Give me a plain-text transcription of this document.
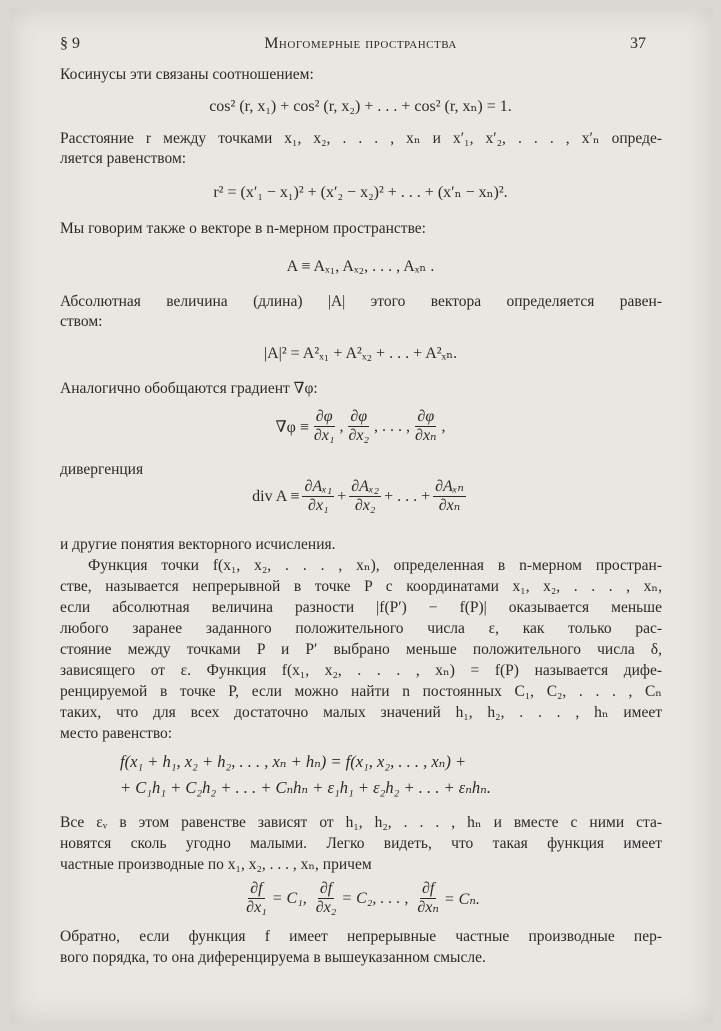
§ 9	Многомерные пространства	37
Косинусы эти связаны соотношением:
cos² (r, x₁) + cos² (r, x₂) + . . . + cos² (r, xₙ) = 1.
Расстояние r между точками x₁, x₂, . . . , xₙ и x′₁, x′₂, . . . , x′ₙ опреде-
ляется равенством:
r² = (x′₁ − x₁)² + (x′₂ − x₂)² + . . . + (x′ₙ − xₙ)².
Мы говорим также о векторе в n-мерном пространстве:
A ≡ Aₓ₁, Aₓ₂, . . . , Aₓₙ .
Абсолютная величина (длина) |A| этого вектора определяется равен-
ством:
|A|² = A²ₓ₁ + A²ₓ₂ + . . . + A²ₓₙ.
Аналогично обобщаются градиент ∇φ:
$\nabla\varphi \equiv \frac{\partial\varphi}{\text{∂x₁}}$ , $\frac{\partial\varphi}{\text{∂x₂}}$ , . . . , $\frac{\partial\varphi}{\text{∂xₙ}}$ ,
дивергенция
div $A \equiv \frac{\text{∂Aₓ₁}}{\text{∂x₁}} + \frac{\text{∂Aₓ₂}}{\text{∂x₂}}$ + . . . + $\frac{\text{∂Aₓₙ}}{\text{∂xₙ}}$
и другие понятия векторного исчисления.
Функция точки f(x₁, x₂, . . . , xₙ), определенная в n-мерном простран-
стве, называется непрерывной в точке P с координатами x₁, x₂, . . . , xₙ,
если абсолютная величина разности |f(P′) − f(P)| оказывается меньше
любого заранее заданного положительного числа ε, как только рас-
стояние между точками P и P′ выбрано меньше положительного числа δ,
зависящего от ε. Функция f(x₁, x₂, . . . , xₙ) = f(P) называется дифе-
ренцируемой в точке P, если можно найти n постоянных C₁, C₂, . . . , Cₙ
таких, что для всех достаточно малых значений h₁, h₂, . . . , hₙ имеет
место равенство:
f(x₁ + h₁, x₂ + h₂, . . . , xₙ + hₙ) = f(x₁, x₂, . . . , xₙ) +
+ C₁h₁ + C₂h₂ + . . . + Cₙhₙ + ε₁h₁ + ε₂h₂ + . . . + εₙhₙ.
Все εᵥ в этом равенстве зависят от h₁, h₂, . . . , hₙ и вместе с ними ста-
новятся сколь угодно малыми. Легко видеть, что такая функция имеет
частные производные по x₁, x₂, . . . , xₙ, причем
$\frac{\partial f}{\text{∂x₁}} = C_1$,
$\frac{\partial f}{\text{∂x₂}} = C_2$, . . . ,
$\frac{\partial f}{\text{∂xₙ}} = C_n$.
Обратно, если функция f имеет непрерывные частные производные пер-
вого порядка, то она диференцируема в вышеуказанном смысле.
